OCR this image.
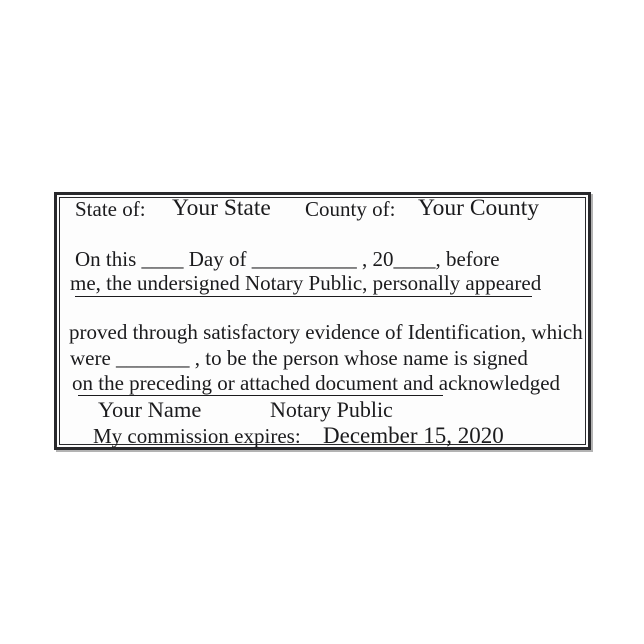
State of:

Your State

County of:

Your County

On this ____ Day of __________ , 20____, before

me, the undersigned Notary Public, personally appeared

proved through satisfactory evidence of Identification, which

were _______ , to be the person whose name is signed

on the preceding or attached document and acknowledged

Your Name

	Notary Public

My commission expires:

December 15, 2020
